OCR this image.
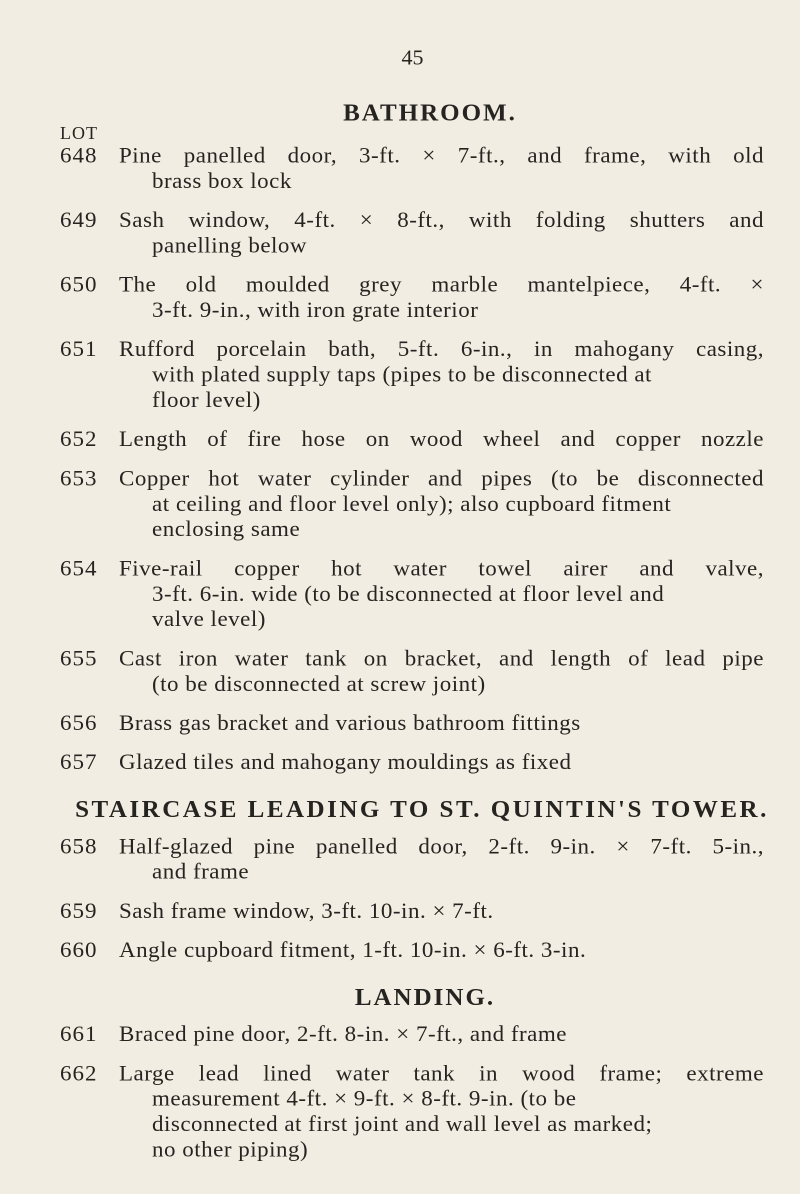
45
BATHROOM.
LOT
648 Pine panelled door, 3-ft. × 7-ft., and frame, with old
brass box lock
649 Sash window, 4-ft. × 8-ft., with folding shutters and
panelling below
650 The old moulded grey marble mantelpiece, 4-ft. ×
3-ft. 9-in., with iron grate interior
651 Rufford porcelain bath, 5-ft. 6-in., in mahogany casing,
with plated supply taps (pipes to be disconnected at
floor level)
652 Length of fire hose on wood wheel and copper nozzle
653 Copper hot water cylinder and pipes (to be disconnected
at ceiling and floor level only); also cupboard fitment
enclosing same
654 Five-rail copper hot water towel airer and valve,
3-ft. 6-in. wide (to be disconnected at floor level and
valve level)
655 Cast iron water tank on bracket, and length of lead pipe
(to be disconnected at screw joint)
656 Brass gas bracket and various bathroom fittings
657 Glazed tiles and mahogany mouldings as fixed
STAIRCASE LEADING TO ST. QUINTIN'S TOWER.
658 Half-glazed pine panelled door, 2-ft. 9-in. × 7-ft. 5-in.,
and frame
659 Sash frame window, 3-ft. 10-in. × 7-ft.
660 Angle cupboard fitment, 1-ft. 10-in. × 6-ft. 3-in.
LANDING.
661 Braced pine door, 2-ft. 8-in. × 7-ft., and frame
662 Large lead lined water tank in wood frame; extreme
measurement 4-ft. × 9-ft. × 8-ft. 9-in. (to be
disconnected at first joint and wall level as marked;
no other piping)
